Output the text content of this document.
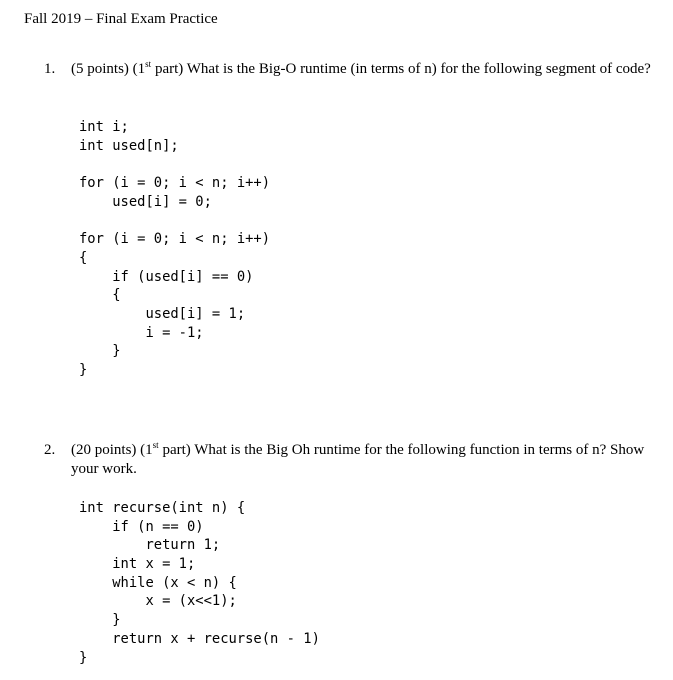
Fall 2019 – Final Exam Practice
1. (5 points) (1st part) What is the Big-O runtime (in terms of n) for the following segment of code?
int i;
int used[n];
for (i = 0; i < n; i++)
used[i] = 0;
for (i = 0; i < n; i++)
{
if (used[i] == 0)
{
used[i] = 1;
i = -1;
}
}
2. (20 points) (1st part) What is the Big Oh runtime for the following function in terms of n? Show your work.
int recurse(int n) {
if (n == 0)
return 1;
int x = 1;
while (x < n) {
x = (x<<1);
}
return x + recurse(n - 1)
}
